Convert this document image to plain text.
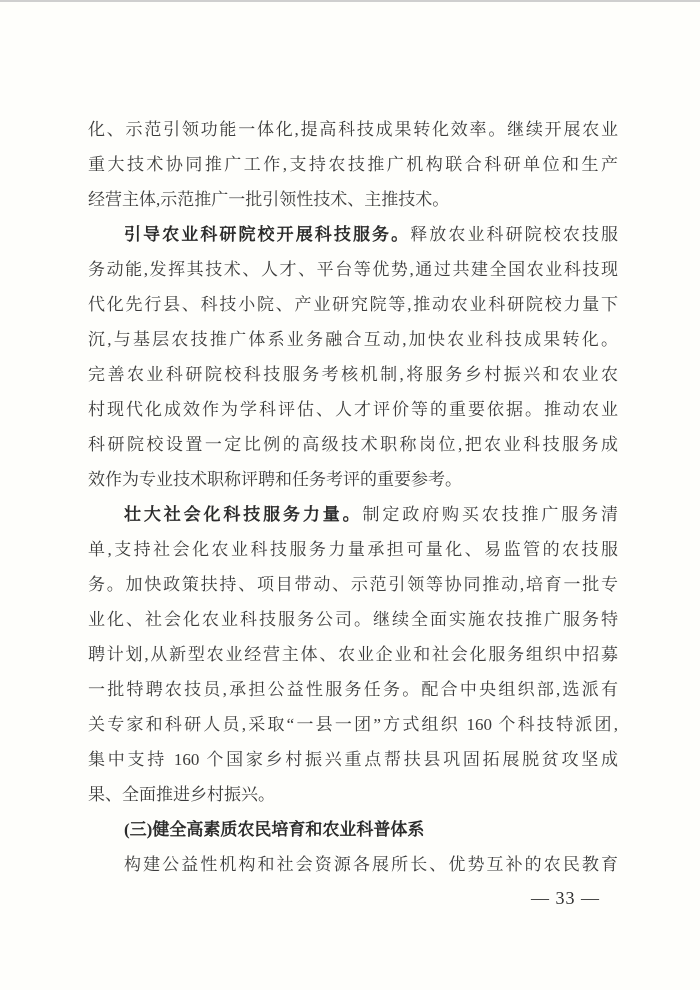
化、示范引领功能一体化,提高科技成果转化效率。继续开展农业
重大技术协同推广工作,支持农技推广机构联合科研单位和生产
经营主体,示范推广一批引领性技术、主推技术。
引导农业科研院校开展科技服务。释放农业科研院校农技服
务动能,发挥其技术、人才、平台等优势,通过共建全国农业科技现
代化先行县、科技小院、产业研究院等,推动农业科研院校力量下
沉,与基层农技推广体系业务融合互动,加快农业科技成果转化。
完善农业科研院校科技服务考核机制,将服务乡村振兴和农业农
村现代化成效作为学科评估、人才评价等的重要依据。推动农业
科研院校设置一定比例的高级技术职称岗位,把农业科技服务成
效作为专业技术职称评聘和任务考评的重要参考。
壮大社会化科技服务力量。制定政府购买农技推广服务清
单,支持社会化农业科技服务力量承担可量化、易监管的农技服
务。加快政策扶持、项目带动、示范引领等协同推动,培育一批专
业化、社会化农业科技服务公司。继续全面实施农技推广服务特
聘计划,从新型农业经营主体、农业企业和社会化服务组织中招募
一批特聘农技员,承担公益性服务任务。配合中央组织部,选派有
关专家和科研人员,采取“一县一团”方式组织 160 个科技特派团,
集中支持 160 个国家乡村振兴重点帮扶县巩固拓展脱贫攻坚成
果、全面推进乡村振兴。
(三)健全高素质农民培育和农业科普体系
构建公益性机构和社会资源各展所长、优势互补的农民教育
— 33 —
